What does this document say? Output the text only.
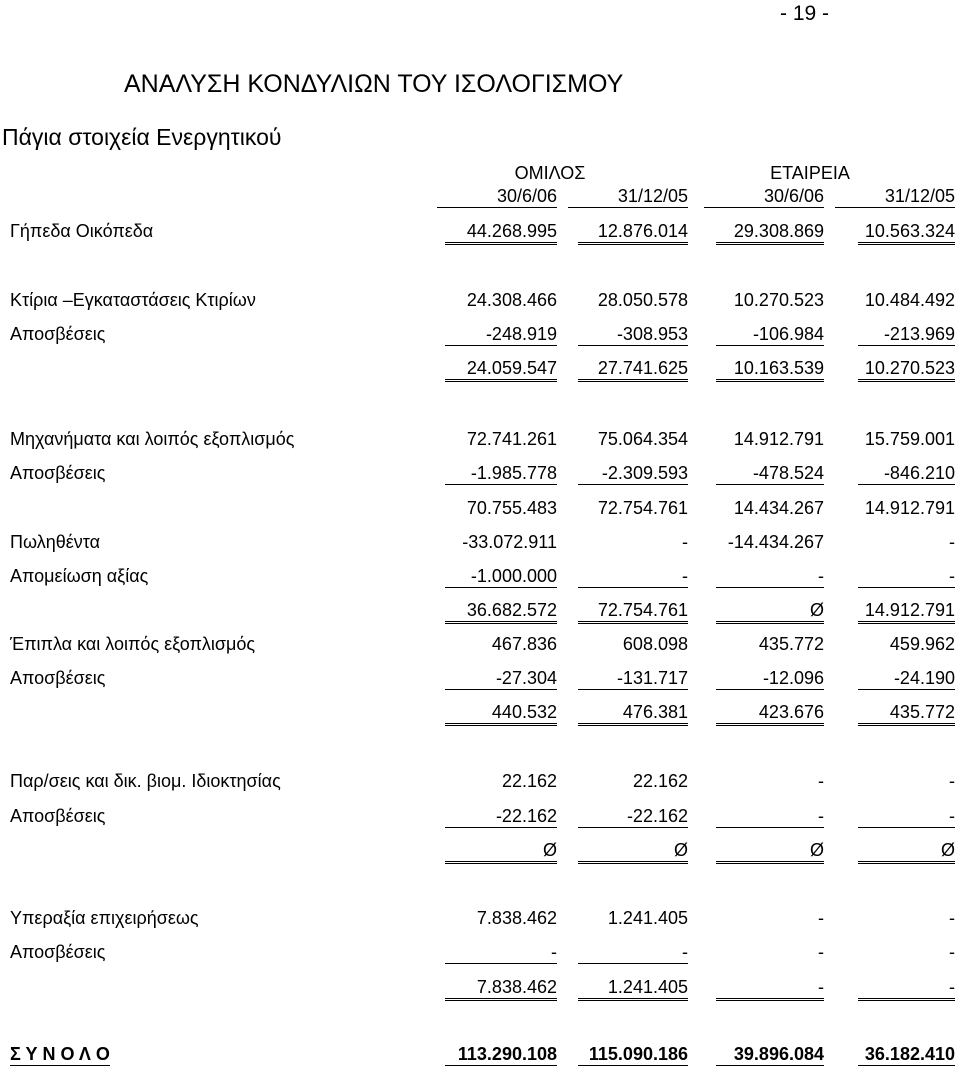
- 19 -
ΑΝΑΛΥΣΗ ΚΟΝΔΥΛΙΩΝ ΤΟΥ ΙΣΟΛΟΓΙΣΜΟΥ
Πάγια στοιχεία Ενεργητικού
ΟΜΙΛΟΣ	ΕΤΑΙΡΕΙΑ
30/6/06	31/12/05	30/6/06	31/12/05
Γήπεδα Οικόπεδα	44.268.995	12.876.014	29.308.869	10.563.324
Κτίρια –Εγκαταστάσεις Κτιρίων	24.308.466	28.050.578	10.270.523	10.484.492
Αποσβέσεις	-248.919	-308.953	-106.984	-213.969
24.059.547	27.741.625	10.163.539	10.270.523
Μηχανήματα και λοιπός εξοπλισμός	72.741.261	75.064.354	14.912.791	15.759.001
Αποσβέσεις	-1.985.778	-2.309.593	-478.524	-846.210
70.755.483	72.754.761	14.434.267	14.912.791
Πωληθέντα	-33.072.911	-	-14.434.267	-
Απομείωση αξίας	-1.000.000	-	-	-
36.682.572	72.754.761	Ø	14.912.791
Έπιπλα και λοιπός εξοπλισμός	467.836	608.098	435.772	459.962
Αποσβέσεις	-27.304	-131.717	-12.096	-24.190
440.532	476.381	423.676	435.772
Παρ/σεις και δικ. βιομ. Ιδιοκτησίας	22.162	22.162	-	-
Αποσβέσεις	-22.162	-22.162	-	-
Ø	Ø	Ø	Ø
Υπεραξία επιχειρήσεως	7.838.462	1.241.405	-	-
Αποσβέσεις	-	-	-	-
7.838.462	1.241.405	-	-
Σ Υ Ν Ο Λ Ο	113.290.108	115.090.186	39.896.084	36.182.410
